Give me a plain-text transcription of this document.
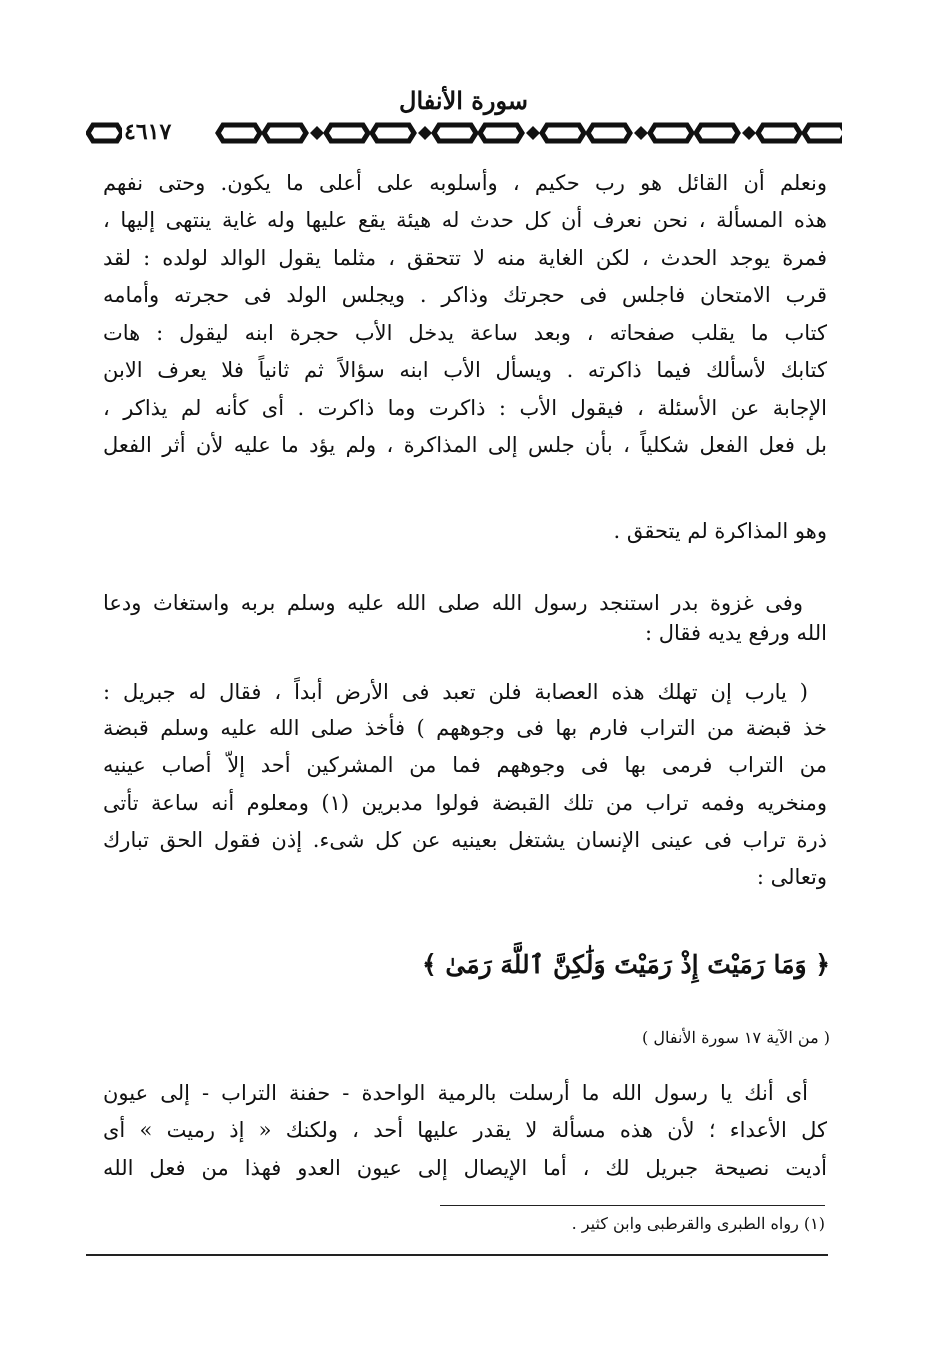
سورة الأنفال
٤٦١٧
ونعلم أن القائل هو رب حكيم ، وأسلوبه على أعلى ما يكون. وحتى نفهم
هذه المسألة ، نحن نعرف أن كل حدث له هيئة يقع عليها وله غاية ينتهى إليها ،
فمرة يوجد الحدث ، لكن الغاية منه لا تتحقق ، مثلما يقول الوالد لولده : لقد
قرب الامتحان فاجلس فى حجرتك وذاكر . ويجلس الولد فى حجرته وأمامه
كتاب ما يقلب صفحاته ، وبعد ساعة يدخل الأب حجرة ابنه ليقول : هات
كتابك لأسألك فيما ذاكرته . ويسأل الأب ابنه سؤالاً ثم ثانياً فلا يعرف الابن
الإجابة عن الأسئلة ، فيقول الأب : ذاكرت وما ذاكرت . أى كأنه لم يذاكر ،
بل فعل الفعل شكلياً ، بأن جلس إلى المذاكرة ، ولم يؤد ما عليه لأن أثر الفعل
وهو المذاكرة لم يتحقق .
وفى غزوة بدر استنجد رسول الله صلى الله عليه وسلم بربه واستغاث ودعا
الله ورفع يديه فقال :
( يارب إن تهلك هذه العصابة فلن تعبد فى الأرض أبداً ، فقال له جبريل :
خذ قبضة من التراب فارم بها فى وجوههم ) فأخذ صلى الله عليه وسلم قبضة
من التراب فرمى بها فى وجوههم فما من المشركين أحد إلاّ أصاب عينيه
ومنخريه وفمه تراب من تلك القبضة فولوا مدبرين (١) ومعلوم أنه ساعة تأتى
ذرة تراب فى عينى الإنسان يشتغل بعينيه عن كل شىء. إذن فقول الحق تبارك
وتعالى :
﴿ وَمَا رَمَيْتَ إِذْ رَمَيْتَ وَلَٰكِنَّ ٱللَّهَ رَمَىٰ ﴾
( من الآية ١٧ سورة الأنفال )
أى أنك يا رسول الله ما أرسلت بالرمية الواحدة - حفنة التراب - إلى عيون
كل الأعداء ؛ لأن هذه مسألة لا يقدر عليها أحد ، ولكنك « إذ رميت » أى
أديت نصيحة جبريل لك ، أما الإيصال إلى عيون العدو فهذا من فعل الله
(١) رواه الطبرى والقرطبى وابن كثير .
